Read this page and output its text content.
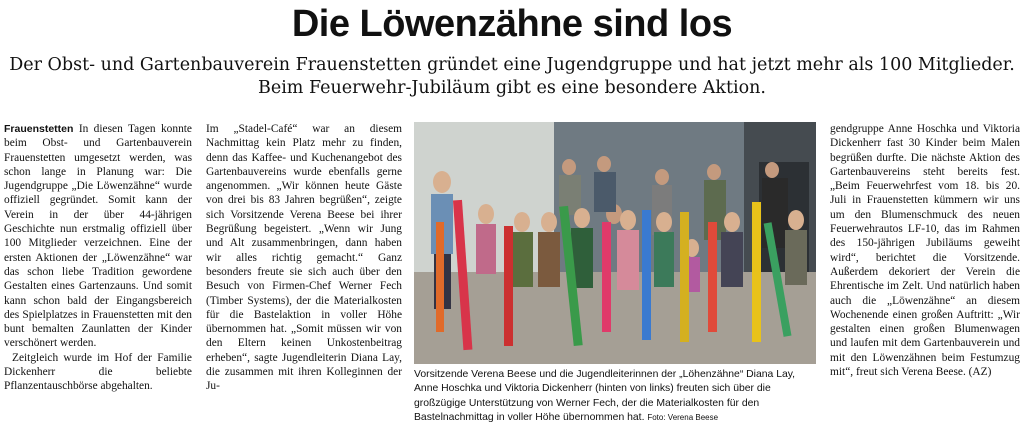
Die Löwenzähne sind los
Der Obst- und Gartenbauverein Frauenstetten gründet eine Jugendgruppe und hat jetzt mehr als 100 Mitglieder.
Beim Feuerwehr-Jubiläum gibt es eine besondere Aktion.

Frauenstetten In diesen Tagen konnte beim Obst- und Gartenbauverein Frauenstetten umgesetzt werden, was schon lange in Planung war: Die Jugendgruppe „Die Löwenzähne“ wurde offiziell gegründet. Somit kann der Verein in der über 44-jährigen Geschichte nun erstmalig offiziell über 100 Mitglieder verzeichnen. Eine der ersten Aktionen der „Löwenzähne“ war das schon liebe Tradition gewordene Gestalten eines Gartenzauns. Und somit kann schon bald der Eingangsbereich des Spielplatzes in Frauenstetten mit den bunt bemalten Zaunlatten der Kinder verschönert werden.

Zeitgleich wurde im Hof der Familie Dickenherr die beliebte Pflanzentauschbörse abgehalten.

Im „Stadel-Café“ war an diesem Nachmittag kein Platz mehr zu finden, denn das Kaffee- und Kuchenangebot des Gartenbauvereins wurde ebenfalls gerne angenommen. „Wir können heute Gäste von drei bis 83 Jahren begrüßen“, zeigte sich Vorsitzende Verena Beese bei ihrer Begrüßung begeistert. „Wenn wir Jung und Alt zusammenbringen, dann haben wir alles richtig gemacht.“ Ganz besonders freute sie sich auch über den Besuch von Firmen-Chef Werner Fech (Timber Systems), der die Materialkosten für die Bastelaktion in voller Höhe übernommen hat. „Somit müssen wir von den Eltern keinen Unkostenbeitrag erheben“, sagte Jugendleiterin Diana Lay, die zusammen mit ihren Kolleginnen der Ju-

Vorsitzende Verena Beese und die Jugendleiterinnen der „Löhenzähne“ Diana Lay, Anne Hoschka und Viktoria Dickenherr (hinten von links) freuten sich über die großzügige Unterstützung von Werner Fech, der die Materialkosten für den Bastelnachmittag in voller Höhe übernommen hat. Foto: Verena Beese

gendgruppe Anne Hoschka und Viktoria Dickenherr fast 30 Kinder beim Malen begrüßen durfte. Die nächste Aktion des Gartenbauvereins steht bereits fest. „Beim Feuerwehrfest vom 18. bis 20. Juli in Frauenstetten kümmern wir uns um den Blumenschmuck des neuen Feuerwehrautos LF-10, das im Rahmen des 150-jährigen Jubiläums geweiht wird“, berichtet die Vorsitzende. Außerdem dekoriert der Verein die Ehrentische im Zelt. Und natürlich haben auch die „Löwenzähne“ an diesem Wochenende einen großen Auftritt: „Wir gestalten einen großen Blumenwagen und laufen mit dem Gartenbauverein und mit den Löwenzähnen beim Festumzug mit“, freut sich Verena Beese. (AZ)
